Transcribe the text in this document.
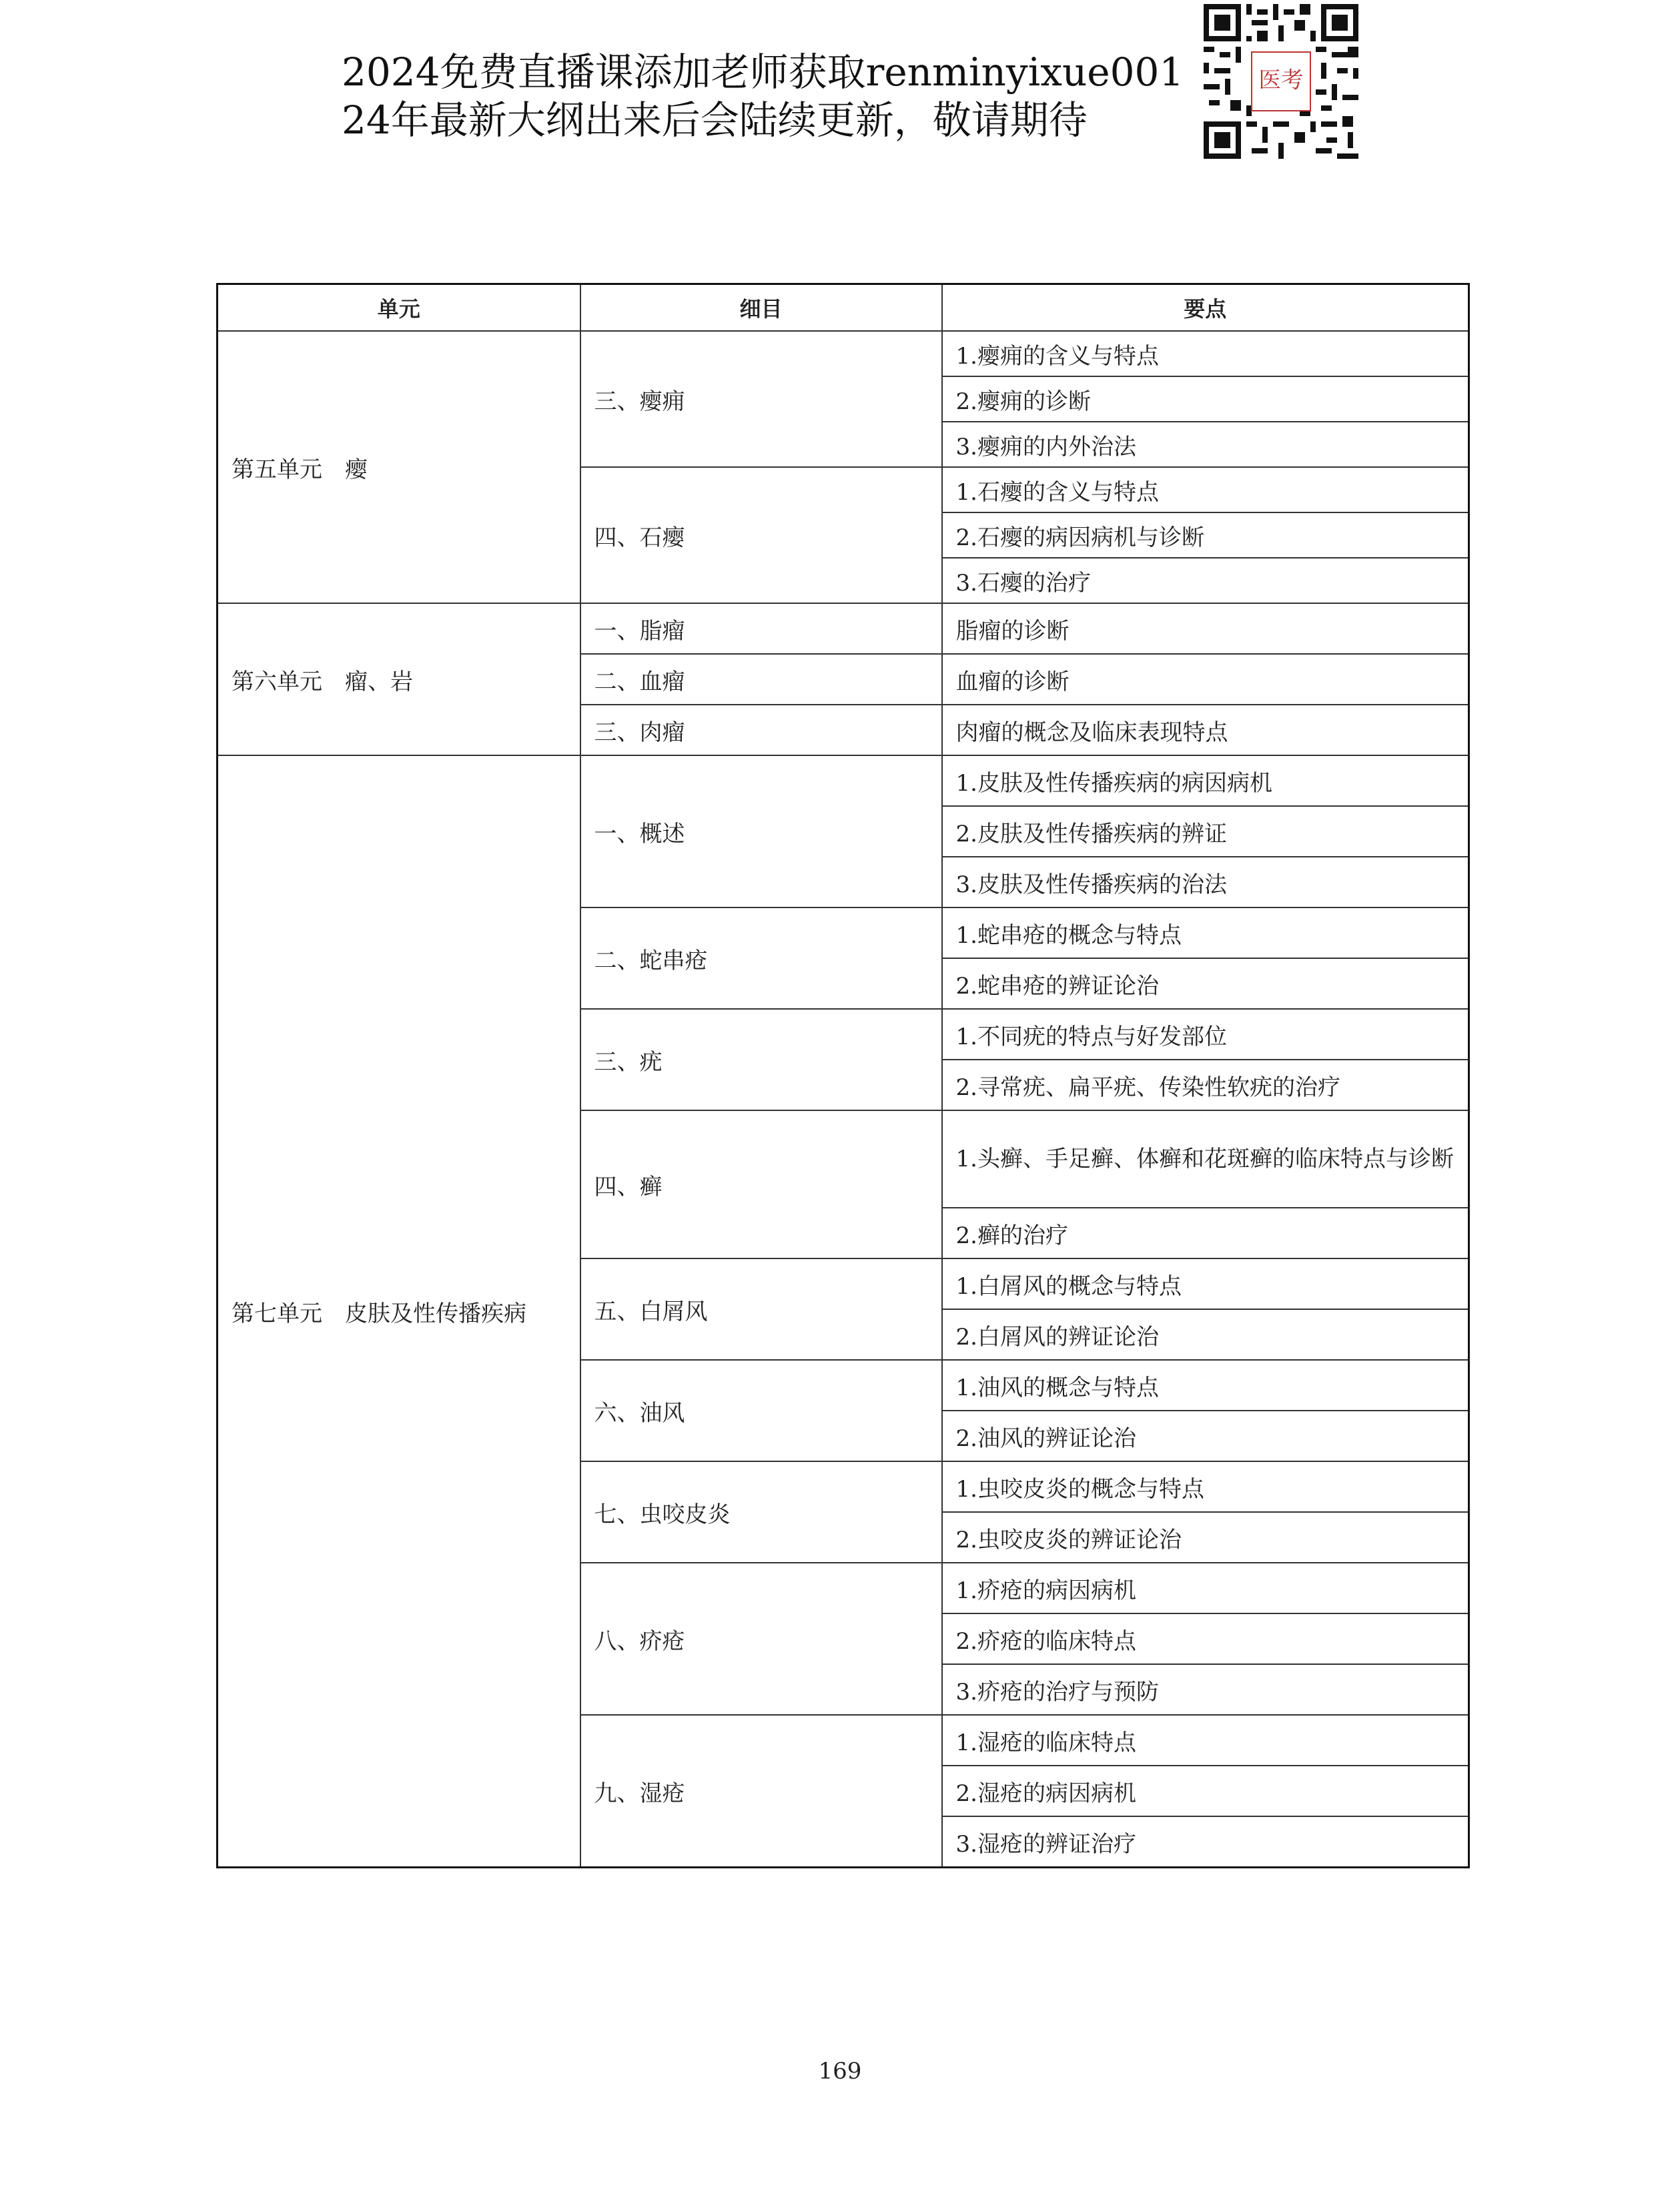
2024免费直播课添加老师获取renminyixue001
24年最新大纲出来后会陆续更新，敬请期待
医考
单元	细目	要点
第五单元　瘿	三、瘿痈	1.瘿痈的含义与特点
		2.瘿痈的诊断
		3.瘿痈的内外治法
	四、石瘿	1.石瘿的含义与特点
		2.石瘿的病因病机与诊断
		3.石瘿的治疗
第六单元　瘤、岩	一、脂瘤	脂瘤的诊断
	二、血瘤	血瘤的诊断
	三、肉瘤	肉瘤的概念及临床表现特点
第七单元　皮肤及性传播疾病	一、概述	1.皮肤及性传播疾病的病因病机
		2.皮肤及性传播疾病的辨证
		3.皮肤及性传播疾病的治法
	二、蛇串疮	1.蛇串疮的概念与特点
		2.蛇串疮的辨证论治
	三、疣	1.不同疣的特点与好发部位
		2.寻常疣、扁平疣、传染性软疣的治疗
	四、癣	1.头癣、手足癣、体癣和花斑癣的临床特点与诊断
		2.癣的治疗
	五、白屑风	1.白屑风的概念与特点
		2.白屑风的辨证论治
	六、油风	1.油风的概念与特点
		2.油风的辨证论治
	七、虫咬皮炎	1.虫咬皮炎的概念与特点
		2.虫咬皮炎的辨证论治
	八、疥疮	1.疥疮的病因病机
		2.疥疮的临床特点
		3.疥疮的治疗与预防
	九、湿疮	1.湿疮的临床特点
		2.湿疮的病因病机
		3.湿疮的辨证治疗
169
